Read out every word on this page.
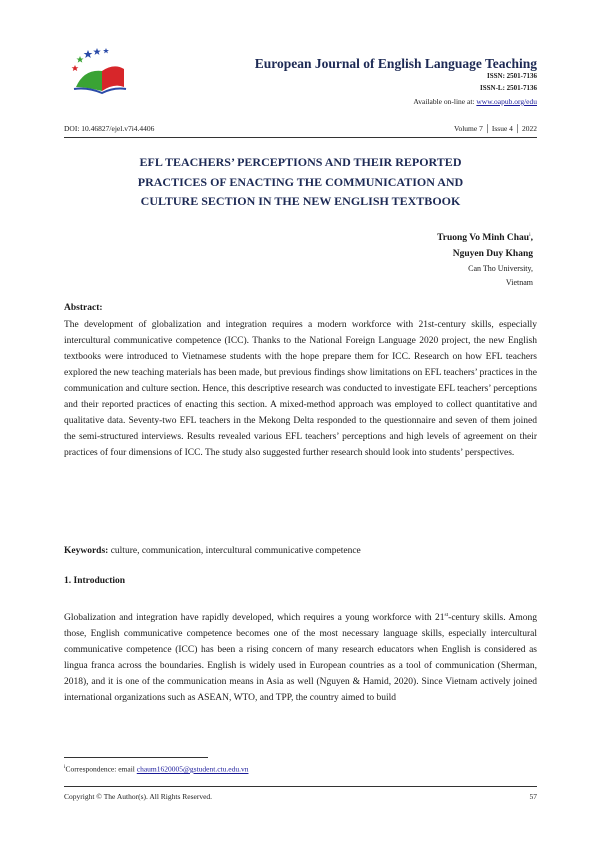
European Journal of English Language Teaching
ISSN: 2501-7136
ISSN-L: 2501-7136
Available on-line at: www.oapub.org/edu
DOI: 10.46827/ejel.v7i4.4406	Volume 7 │ Issue 4 │ 2022
EFL TEACHERS’ PERCEPTIONS AND THEIR REPORTED
PRACTICES OF ENACTING THE COMMUNICATION AND
CULTURE SECTION IN THE NEW ENGLISH TEXTBOOK
Truong Vo Minh Chau$^i$,
Nguyen Duy Khang
Can Tho University,
Vietnam
Abstract:
The development of globalization and integration requires a modern workforce with 21st-century skills, especially intercultural communicative competence (ICC). Thanks to the National Foreign Language 2020 project, the new English textbooks were introduced to Vietnamese students with the hope prepare them for ICC. Research on how EFL teachers explored the new teaching materials has been made, but previous findings show limitations on EFL teachers’ practices in the communication and culture section. Hence, this descriptive research was conducted to investigate EFL teachers’ perceptions and their reported practices of enacting this section. A mixed-method approach was employed to collect quantitative and qualitative data. Seventy-two EFL teachers in the Mekong Delta responded to the questionnaire and seven of them joined the semi-structured interviews. Results revealed various EFL teachers’ perceptions and high levels of agreement on their practices of four dimensions of ICC. The study also suggested further research should look into students’ perspectives.
Keywords: culture, communication, intercultural communicative competence
1. Introduction
Globalization and integration have rapidly developed, which requires a young workforce with 21st-century skills. Among those, English communicative competence becomes one of the most necessary language skills, especially intercultural communicative competence (ICC) has been a rising concern of many research educators when English is considered as lingua franca across the boundaries. English is widely used in European countries as a tool of communication (Sherman, 2018), and it is one of the communication means in Asia as well (Nguyen & Hamid, 2020). Since Vietnam actively joined international organizations such as ASEAN, WTO, and TPP, the country aimed to build
$^i$Correspondence: email chaum1620005@gstudent.ctu.edu.vn
Copyright © The Author(s). All Rights Reserved.	57
